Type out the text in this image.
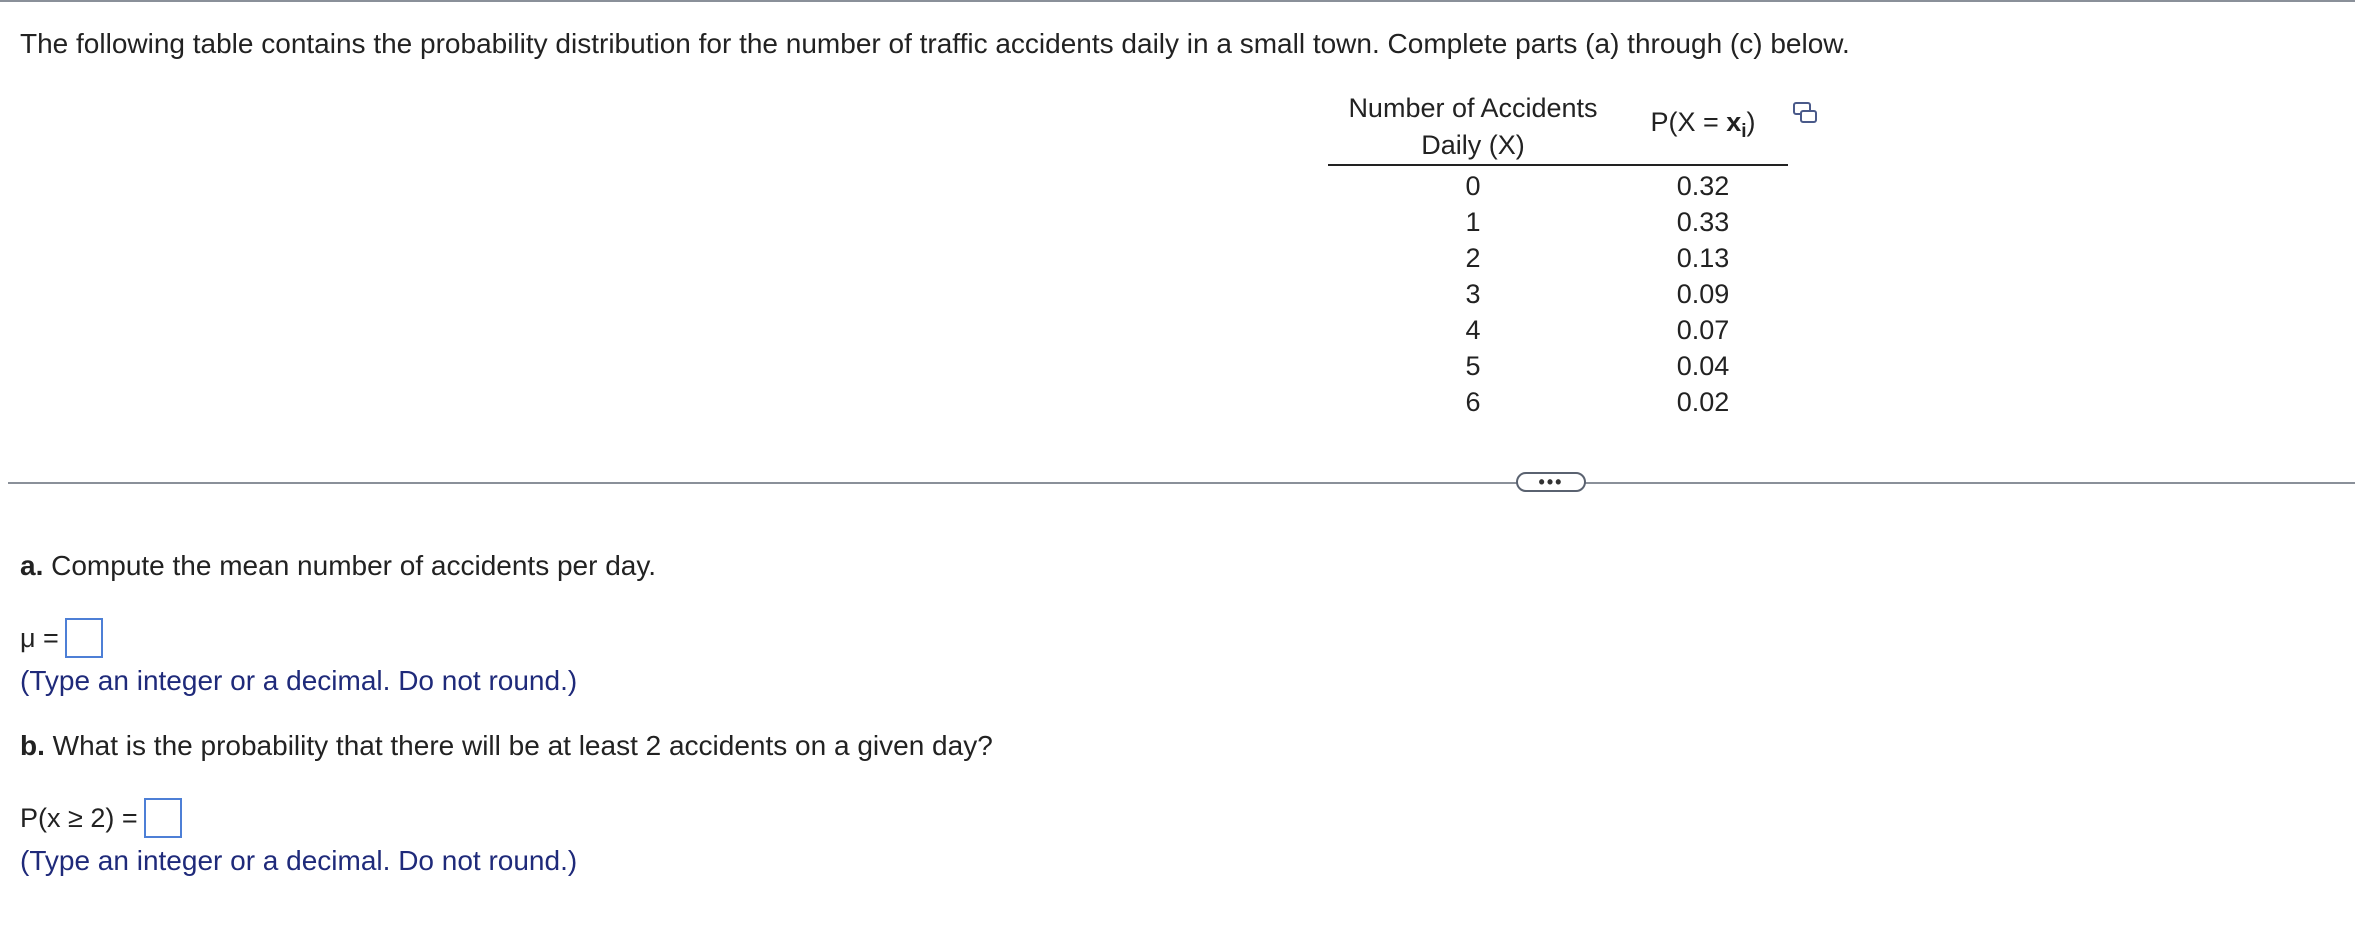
The following table contains the probability distribution for the number of traffic accidents daily in a small town. Complete parts (a) through (c) below.
Number of Accidents
Daily (X)
$P(X = x_i)$
0	0.32
1	0.33
2	0.13
3	0.09
4	0.07
5	0.04
6	0.02
•••
a. Compute the mean number of accidents per day.
μ =
(Type an integer or a decimal. Do not round.)
b. What is the probability that there will be at least 2 accidents on a given day?
P(x ≥ 2) =
(Type an integer or a decimal. Do not round.)
